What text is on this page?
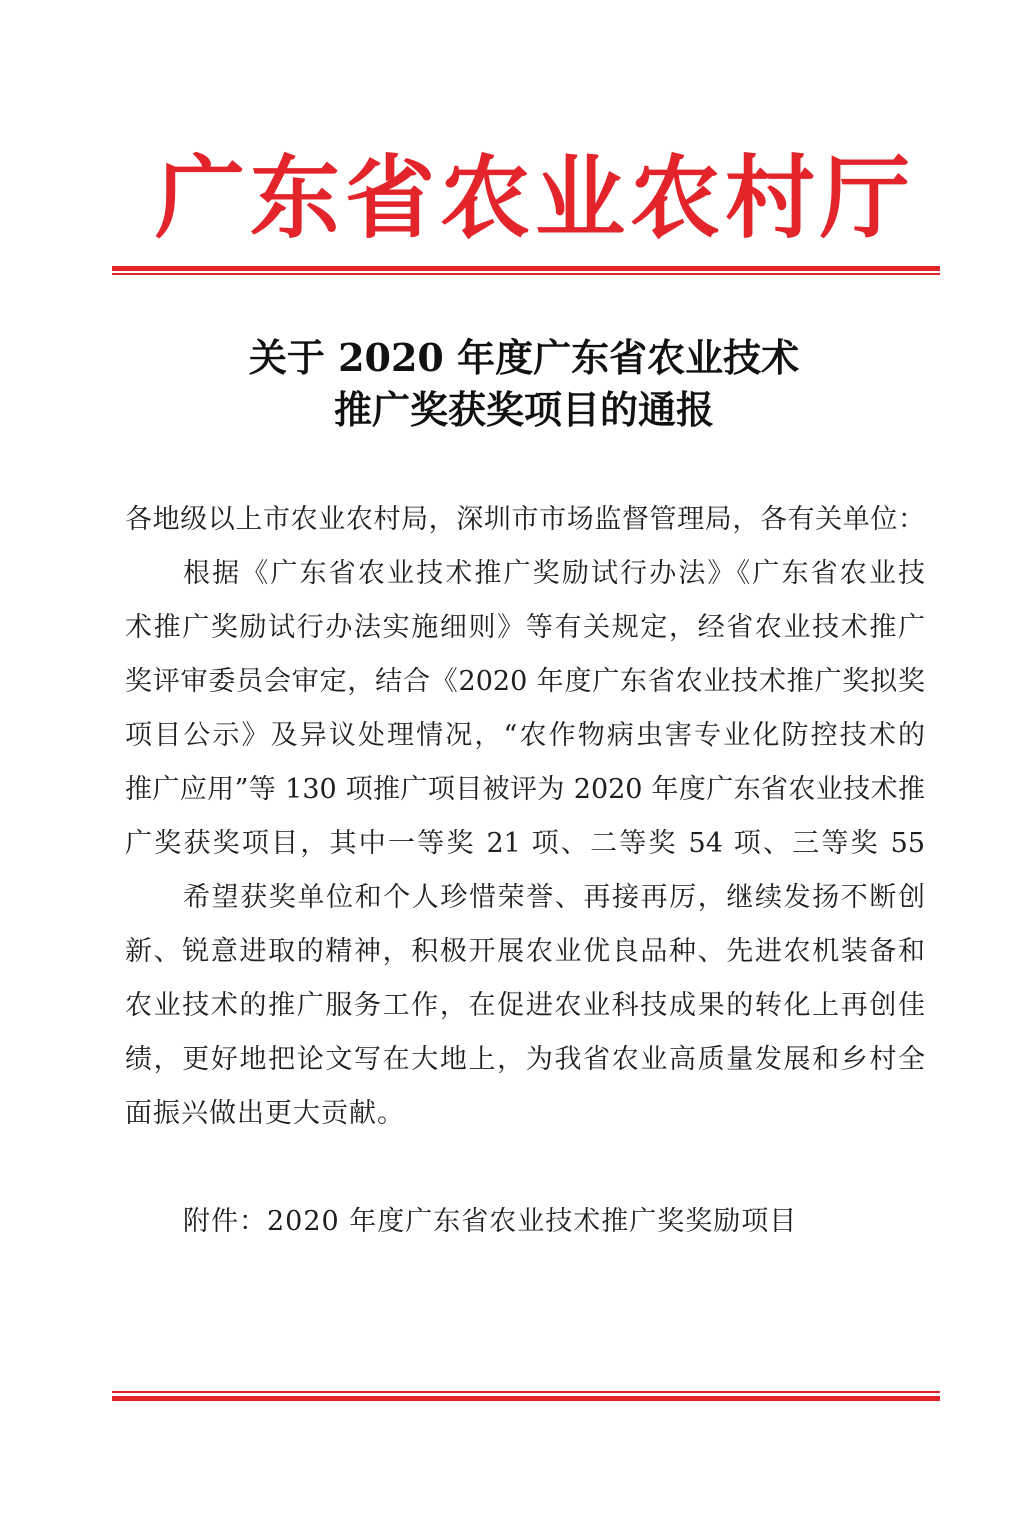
广东省农业农村厅
关于 2020 年度广东省农业技术
推广奖获奖项目的通报
各地级以上市农业农村局，深圳市市场监督管理局，各有关单位：
根据《广东省农业技术推广奖励试行办法》《广东省农业技
术推广奖励试行办法实施细则》等有关规定，经省农业技术推广
奖评审委员会审定，结合《2020 年度广东省农业技术推广奖拟奖
项目公示》及异议处理情况，“农作物病虫害专业化防控技术的
推广应用”等 130 项推广项目被评为 2020 年度广东省农业技术推
广奖获奖项目，其中一等奖 21 项、二等奖 54 项、三等奖 55
希望获奖单位和个人珍惜荣誉、再接再厉，继续发扬不断创
新、锐意进取的精神，积极开展农业优良品种、先进农机装备和
农业技术的推广服务工作，在促进农业科技成果的转化上再创佳
绩，更好地把论文写在大地上，为我省农业高质量发展和乡村全
面振兴做出更大贡献。
附件：2020 年度广东省农业技术推广奖奖励项目
